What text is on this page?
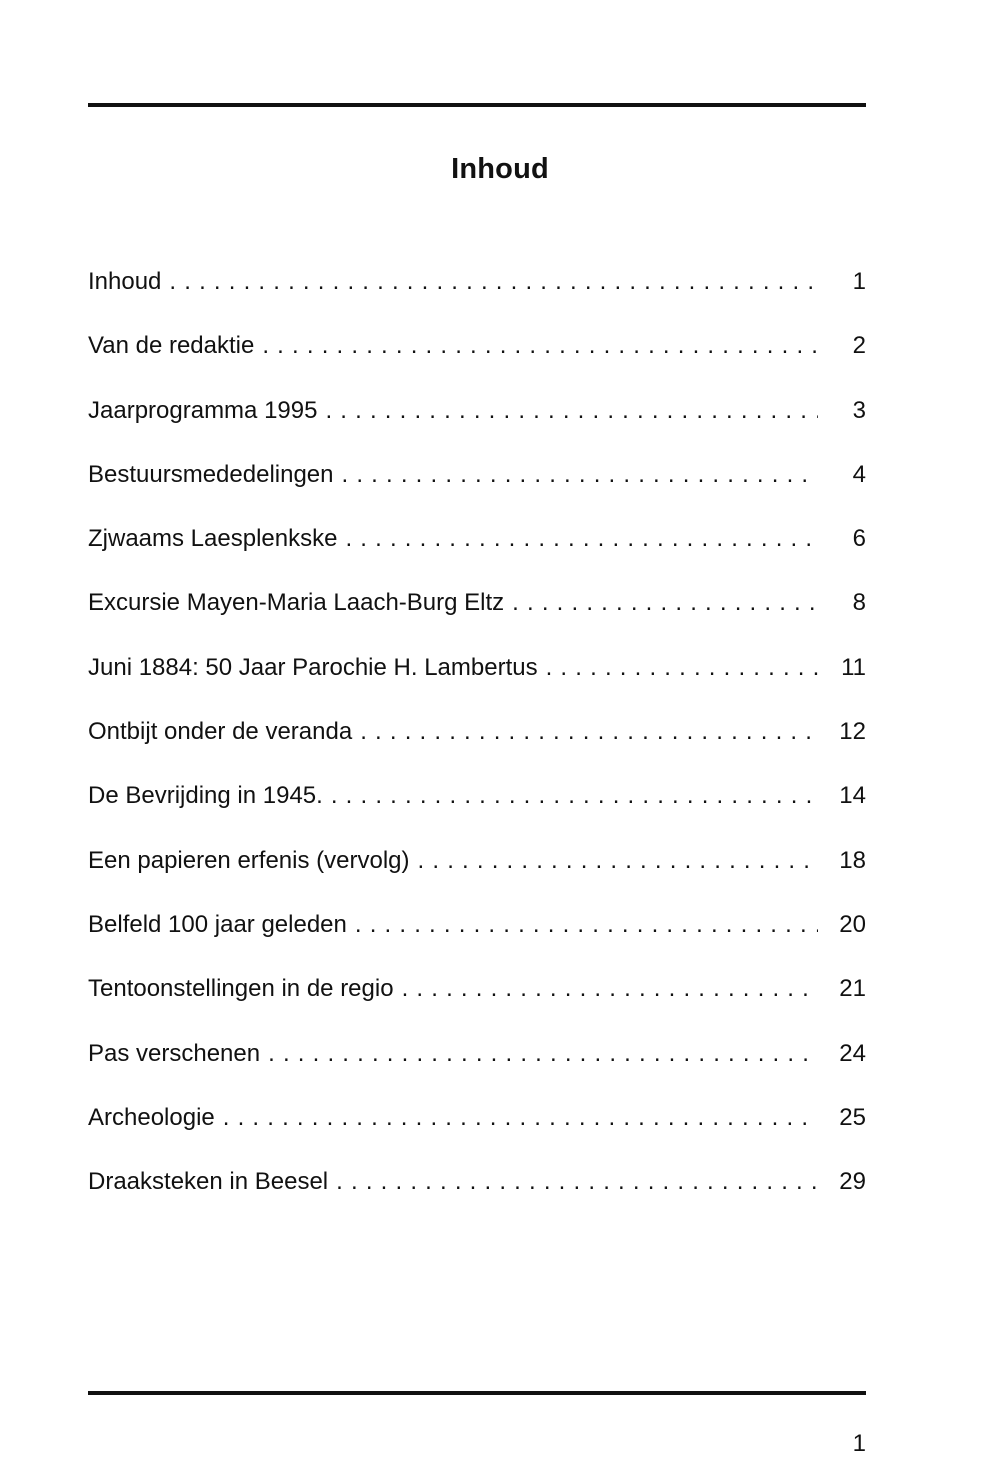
Inhoud
Inhoud . . .	1
Van de redaktie . . .	2
Jaarprogramma 1995 . . .	3
Bestuursmededelingen . . .	4
Zjwaams Laesplenkske . . .	6
Excursie Mayen-Maria Laach-Burg Eltz . . .	8
Juni 1884: 50 Jaar Parochie H. Lambertus . . .	11
Ontbijt onder de veranda . . .	12
De Bevrijding in 1945. . . .	14
Een papieren erfenis (vervolg) . . .	18
Belfeld 100 jaar geleden . . .	20
Tentoonstellingen in de regio . . .	21
Pas verschenen . . .	24
Archeologie . . .	25
Draaksteken in Beesel . . .	29
1
